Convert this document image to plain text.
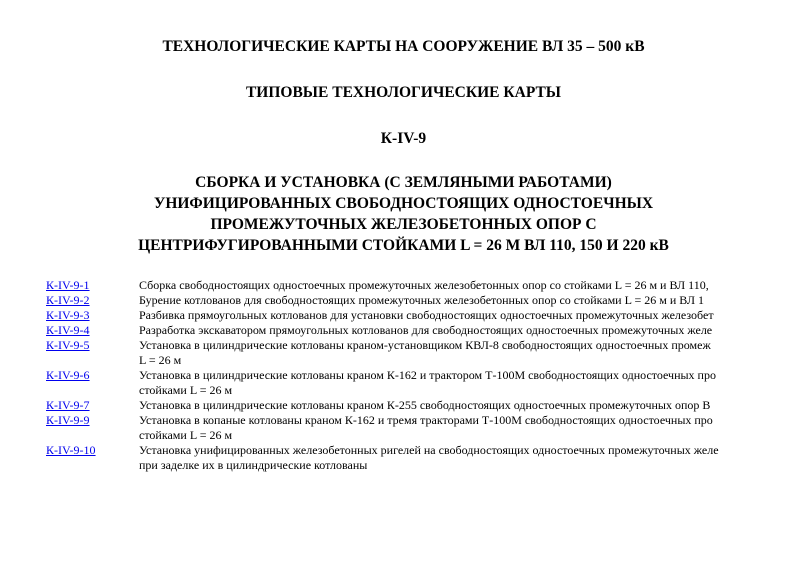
ТЕХНОЛОГИЧЕСКИЕ КАРТЫ НА СООРУЖЕНИЕ ВЛ 35 – 500 кВ
ТИПОВЫЕ ТЕХНОЛОГИЧЕСКИЕ КАРТЫ
К-IV-9
СБОРКА И УСТАНОВКА (С ЗЕМЛЯНЫМИ РАБОТАМИ)
УНИФИЦИРОВАННЫХ СВОБОДНОСТОЯЩИХ ОДНОСТОЕЧНЫХ
ПРОМЕЖУТОЧНЫХ ЖЕЛЕЗОБЕТОННЫХ ОПОР С
ЦЕНТРИФУГИРОВАННЫМИ СТОЙКАМИ L = 26 М ВЛ 110, 150 И 220 кВ
К-IV-9-1	Сборка свободностоящих одностоечных промежуточных железобетонных опор со стойками L = 26 м и ВЛ 110,
К-IV-9-2	Бурение котлованов для свободностоящих промежуточных железобетонных опор со стойками L = 26 м и ВЛ 1
К-IV-9-3	Разбивка прямоугольных котлованов для установки свободностоящих одностоечных промежуточных железобет
К-IV-9-4	Разработка экскаватором прямоугольных котлованов для свободностоящих одностоечных промежуточных желе
К-IV-9-5	Установка в цилиндрические котлованы краном-установщиком КВЛ-8 свободностоящих одностоечных промеж
L = 26 м
К-IV-9-6	Установка в цилиндрические котлованы краном К-162 и трактором Т-100М свободностоящих одностоечных про
стойками L = 26 м
К-IV-9-7	Установка в цилиндрические котлованы краном К-255 свободностоящих одностоечных промежуточных опор В
К-IV-9-9	Установка в копаные котлованы краном К-162 и тремя тракторами Т-100М свободностоящих одностоечных про
стойками L = 26 м
К-IV-9-10	Установка унифицированных железобетонных ригелей на свободностоящих одностоечных промежуточных желе
при заделке их в цилиндрические котлованы
